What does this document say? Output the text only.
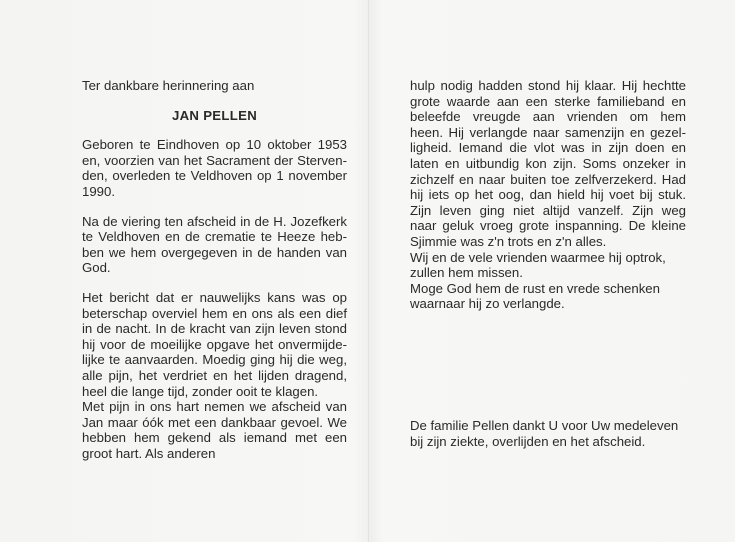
Ter dankbare herinnering aan

JAN PELLEN

Geboren te Eindhoven op 10 oktober 1953
en, voorzien van het Sacrament der Sterven-
den, overleden te Veldhoven op 1 november
1990.
Na de viering ten afscheid in de H. Jozefkerk
te Veldhoven en de crematie te Heeze heb-
ben we hem overgegeven in de handen van
God.
Het bericht dat er nauwelijks kans was op
beterschap overviel hem en ons als een dief
in de nacht. In de kracht van zijn leven stond
hij voor de moeilijke opgave het onvermijde-
lijke te aanvaarden. Moedig ging hij die weg,
alle pijn, het verdriet en het lijden dragend,
heel die lange tijd, zonder ooit te klagen.
Met pijn in ons hart nemen we afscheid van
Jan maar óók met een dankbaar gevoel. We
hebben hem gekend als iemand met een
groot hart. Als anderen
hulp nodig hadden stond hij klaar. Hij hechtte
grote waarde aan een sterke familieband en
beleefde vreugde aan vrienden om hem
heen. Hij verlangde naar samenzijn en gezel-
ligheid. Iemand die vlot was in zijn doen en
laten en uitbundig kon zijn. Soms onzeker in
zichzelf en naar buiten toe zelfverzekerd. Had
hij iets op het oog, dan hield hij voet bij stuk.
Zijn leven ging niet altijd vanzelf. Zijn weg
naar geluk vroeg grote inspanning. De kleine
Sjimmie was z'n trots en z'n alles.
Wij en de vele vrienden waarmee hij optrok,
zullen hem missen.
Moge God hem de rust en vrede schenken
waarnaar hij zo verlangde.
De familie Pellen dankt U voor Uw medeleven
bij zijn ziekte, overlijden en het afscheid.
